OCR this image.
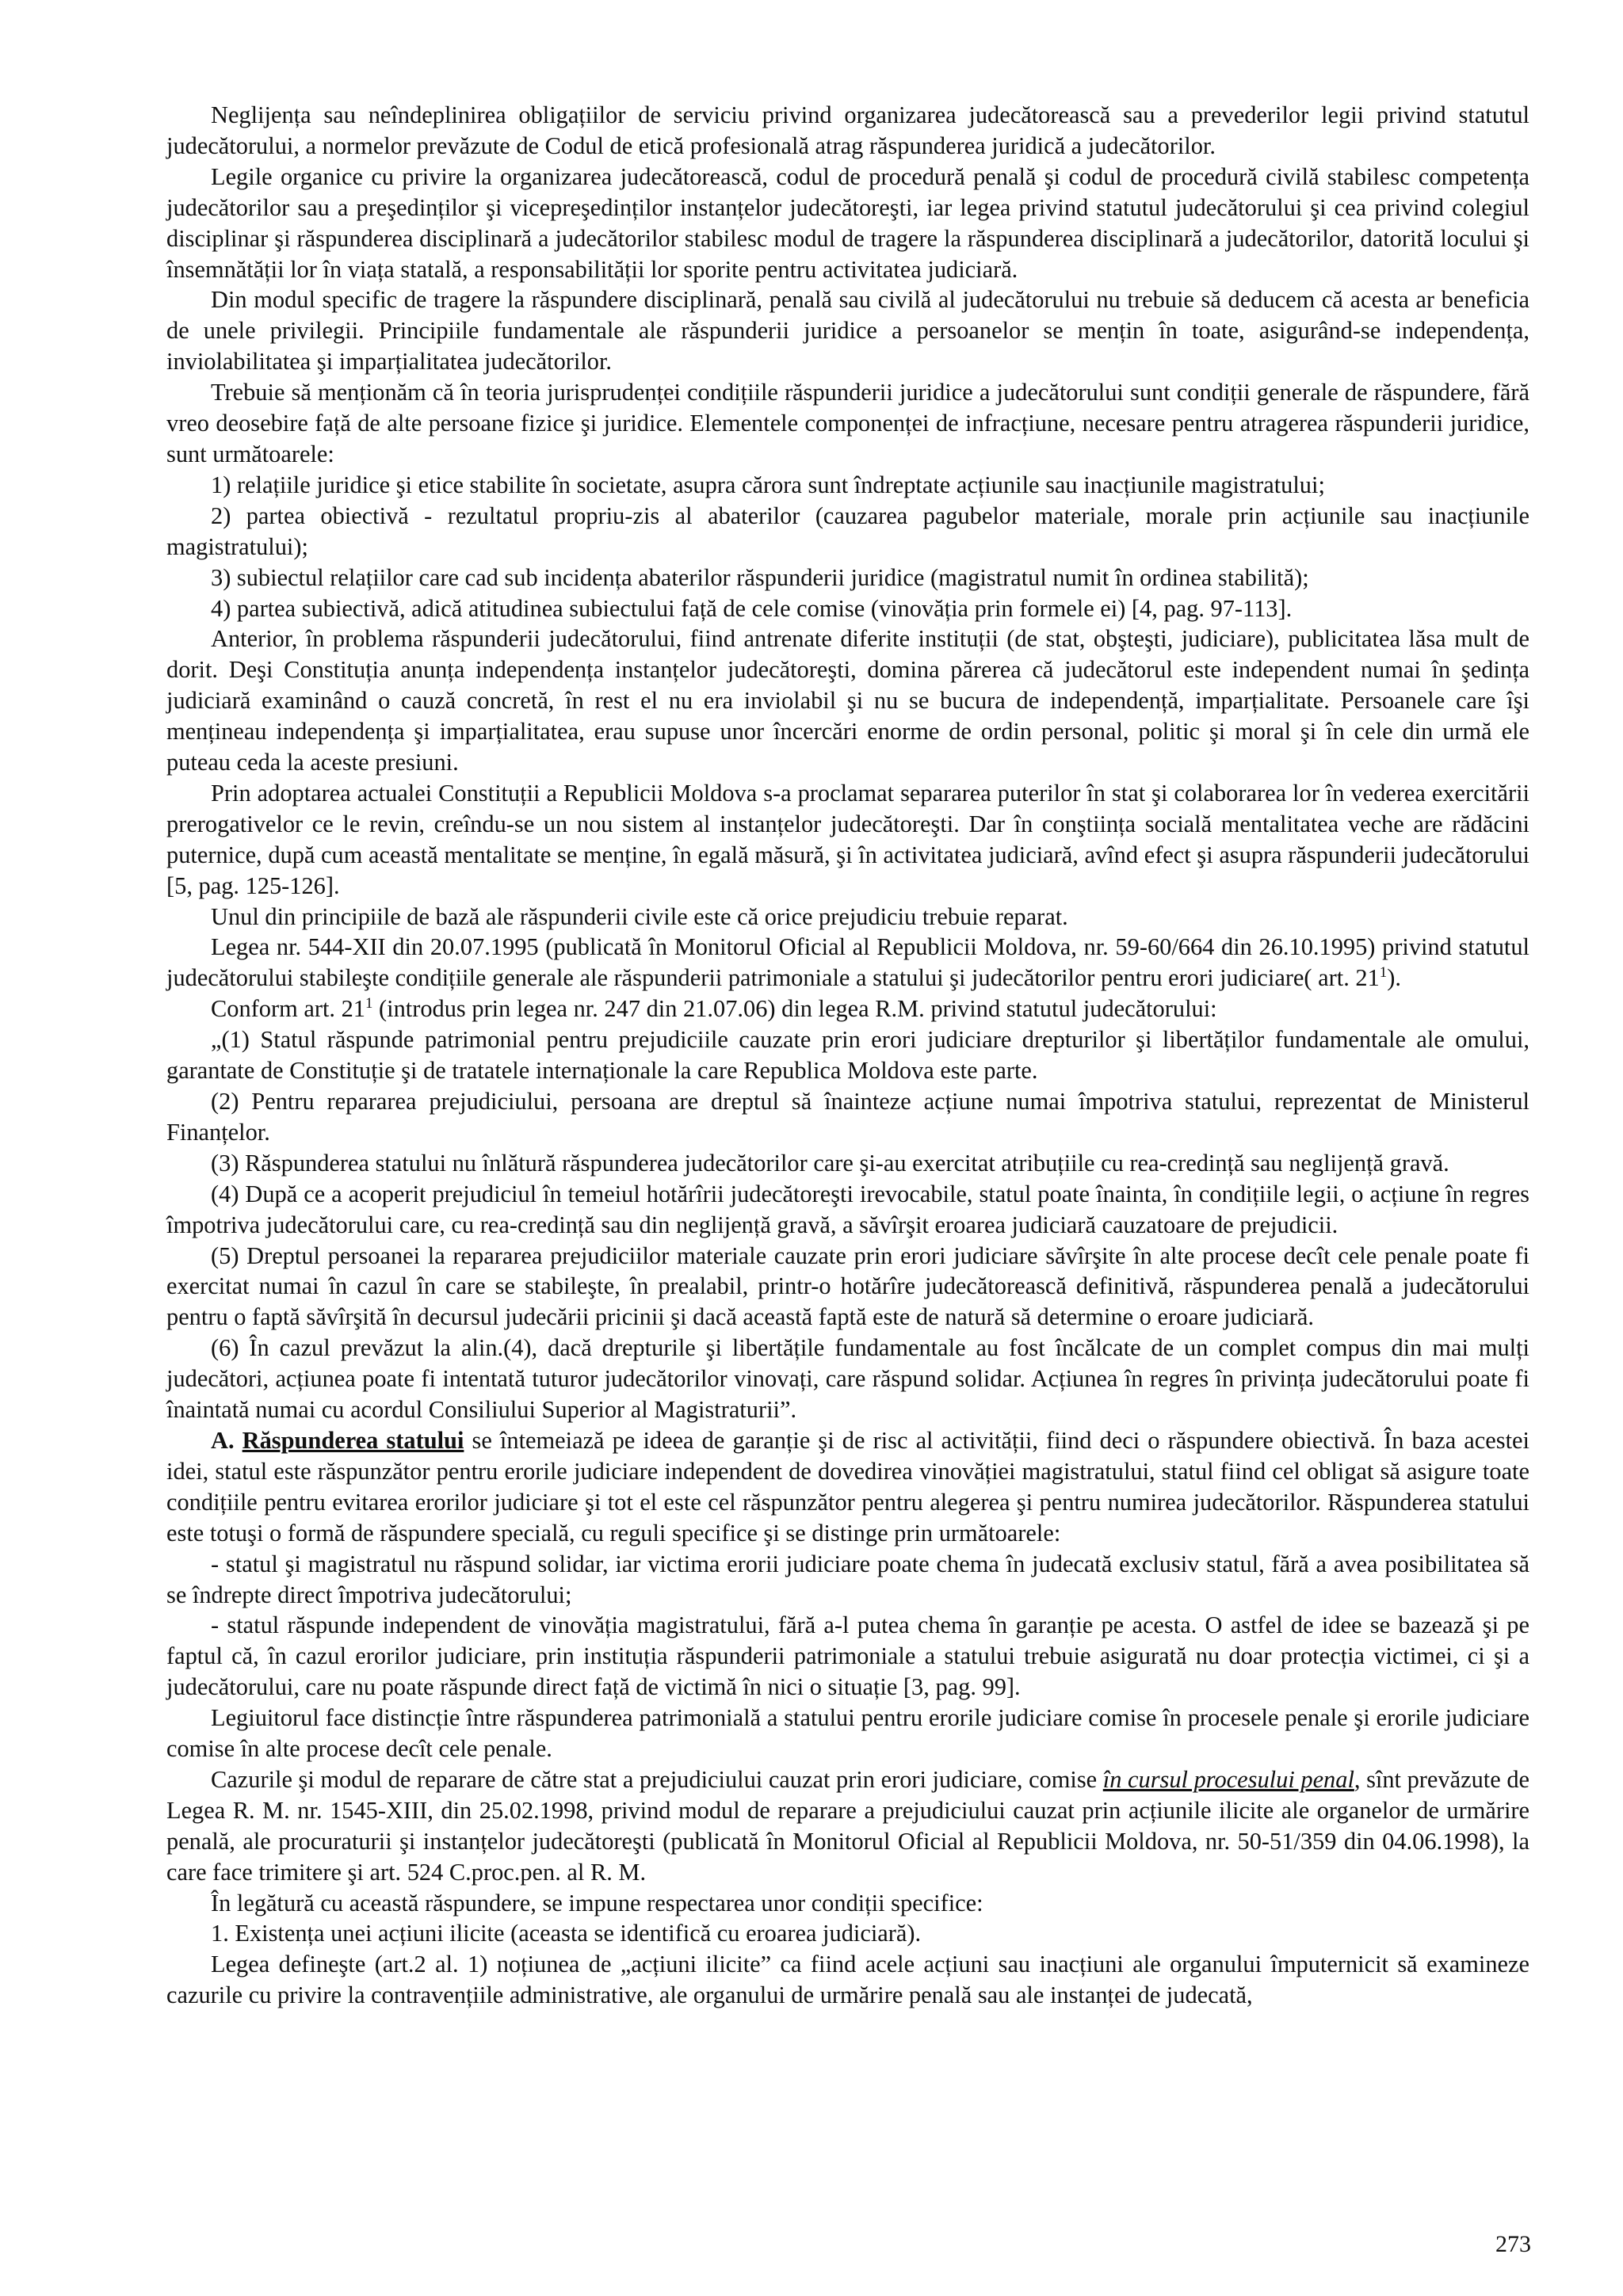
Neglijența sau neîndeplinirea obligațiilor de serviciu privind organizarea judecătorească sau a prevederilor legii privind statutul judecătorului, a normelor prevăzute de Codul de etică profesională atrag răspunderea juridică a judecătorilor.

Legile organice cu privire la organizarea judecătorească, codul de procedură penală şi codul de procedură civilă stabilesc competența judecătorilor sau a preşedinților şi vicepreşedinților instanțelor judecătoreşti, iar legea privind statutul judecătorului şi cea privind colegiul disciplinar şi răspunderea disciplinară a judecătorilor stabilesc modul de tragere la răspunderea disciplinară a judecătorilor, datorită locului şi însemnătății lor în viața statală, a responsabilității lor sporite pentru activitatea judiciară.

Din modul specific de tragere la răspundere disciplinară, penală sau civilă al judecătorului nu trebuie să deducem că acesta ar beneficia de unele privilegii. Principiile fundamentale ale răspunderii juridice a persoanelor se mențin în toate, asigurând-se independența, inviolabilitatea şi imparțialitatea judecătorilor.

Trebuie să menționăm că în teoria jurisprudenței condițiile răspunderii juridice a judecătorului sunt condiții generale de răspundere, fără vreo deosebire față de alte persoane fizice şi juridice. Elementele componenței de infracțiune, necesare pentru atragerea răspunderii juridice, sunt următoarele:

1) relațiile juridice şi etice stabilite în societate, asupra cărora sunt îndreptate acțiunile sau inacțiunile magistratului;

2) partea obiectivă - rezultatul propriu-zis al abaterilor (cauzarea pagubelor materiale, morale prin acțiunile sau inacțiunile magistratului);

3) subiectul relațiilor care cad sub incidența abaterilor răspunderii juridice (magistratul numit în ordinea stabilită);

4) partea subiectivă, adică atitudinea subiectului față de cele comise (vinovăția prin formele ei) [4, pag. 97-113].

Anterior, în problema răspunderii judecătorului, fiind antrenate diferite instituții (de stat, obşteşti, judiciare), publicitatea lăsa mult de dorit. Deşi Constituția anunța independența instanțelor judecătoreşti, domina părerea că judecătorul este independent numai în şedința judiciară examinând o cauză concretă, în rest el nu era inviolabil şi nu se bucura de independență, imparțialitate. Persoanele care îşi mențineau independența şi imparțialitatea, erau supuse unor încercări enorme de ordin personal, politic şi moral şi în cele din urmă ele puteau ceda la aceste presiuni.

Prin adoptarea actualei Constituții a Republicii Moldova s-a proclamat separarea puterilor în stat şi colaborarea lor în vederea exercitării prerogativelor ce le revin, creîndu-se un nou sistem al instanțelor judecătoreşti. Dar în conştiința socială mentalitatea veche are rădăcini puternice, după cum această mentalitate se menține, în egală măsură, şi în activitatea judiciară, avînd efect şi asupra răspunderii judecătorului [5, pag. 125-126].

Unul din principiile de bază ale răspunderii civile este că orice prejudiciu trebuie reparat.

Legea nr. 544-XII din 20.07.1995 (publicată în Monitorul Oficial al Republicii Moldova, nr. 59-60/664 din 26.10.1995) privind statutul judecătorului stabileşte condițiile generale ale răspunderii patrimoniale a statului şi judecătorilor pentru erori judiciare( art. $21^1$).

Conform art. $21^1$ (introdus prin legea nr. 247 din 21.07.06) din legea R.M. privind statutul judecătorului:

„(1) Statul răspunde patrimonial pentru prejudiciile cauzate prin erori judiciare drepturilor şi libertăților fundamentale ale omului, garantate de Constituție şi de tratatele internaționale la care Republica Moldova este parte.

(2) Pentru repararea prejudiciului, persoana are dreptul să înainteze acțiune numai împotriva statului, reprezentat de Ministerul Finanțelor.

(3) Răspunderea statului nu înlătură răspunderea judecătorilor care şi-au exercitat atribuțiile cu rea-credință sau neglijență gravă.

(4) După ce a acoperit prejudiciul în temeiul hotărîrii judecătoreşti irevocabile, statul poate înainta, în condițiile legii, o acțiune în regres împotriva judecătorului care, cu rea-credință sau din neglijență gravă, a săvîrşit eroarea judiciară cauzatoare de prejudicii.

(5) Dreptul persoanei la repararea prejudiciilor materiale cauzate prin erori judiciare săvîrşite în alte procese decît cele penale poate fi exercitat numai în cazul în care se stabileşte, în prealabil, printr-o hotărîre judecătorească definitivă, răspunderea penală a judecătorului pentru o faptă săvîrşită în decursul judecării pricinii şi dacă această faptă este de natură să determine o eroare judiciară.

(6) În cazul prevăzut la alin.(4), dacă drepturile şi libertățile fundamentale au fost încălcate de un complet compus din mai mulți judecători, acțiunea poate fi intentată tuturor judecătorilor vinovați, care răspund solidar. Acțiunea în regres în privința judecătorului poate fi înaintată numai cu acordul Consiliului Superior al Magistraturii”.

A. Răspunderea statului se întemeiază pe ideea de garanție şi de risc al activității, fiind deci o răspundere obiectivă. În baza acestei idei, statul este răspunzător pentru erorile judiciare independent de dovedirea vinovăției magistratului, statul fiind cel obligat să asigure toate condițiile pentru evitarea erorilor judiciare şi tot el este cel răspunzător pentru alegerea şi pentru numirea judecătorilor. Răspunderea statului este totuşi o formă de răspundere specială, cu reguli specifice şi se distinge prin următoarele:

- statul şi magistratul nu răspund solidar, iar victima erorii judiciare poate chema în judecată exclusiv statul, fără a avea posibilitatea să se îndrepte direct împotriva judecătorului;

- statul răspunde independent de vinovăția magistratului, fără a-l putea chema în garanție pe acesta. O astfel de idee se bazează şi pe faptul că, în cazul erorilor judiciare, prin instituția răspunderii patrimoniale a statului trebuie asigurată nu doar protecția victimei, ci şi a judecătorului, care nu poate răspunde direct față de victimă în nici o situație [3, pag. 99].

Legiuitorul face distincție între răspunderea patrimonială a statului pentru erorile judiciare comise în procesele penale şi erorile judiciare comise în alte procese decît cele penale.

Cazurile şi modul de reparare de către stat a prejudiciului cauzat prin erori judiciare, comise în cursul procesului penal, sînt prevăzute de Legea R. M. nr. 1545-XIII, din 25.02.1998, privind modul de reparare a prejudiciului cauzat prin acțiunile ilicite ale organelor de urmărire penală, ale procuraturii şi instanțelor judecătoreşti (publicată în Monitorul Oficial al Republicii Moldova, nr. 50-51/359 din 04.06.1998), la care face trimitere şi art. 524 C.proc.pen. al R. M.

În legătură cu această răspundere, se impune respectarea unor condiții specifice:

1. Existența unei acțiuni ilicite (aceasta se identifică cu eroarea judiciară).

Legea defineşte (art.2 al. 1) noțiunea de „acțiuni ilicite” ca fiind acele acțiuni sau inacțiuni ale organului împuternicit să examineze cazurile cu privire la contravențiile administrative, ale organului de urmărire penală sau ale instanței de judecată,

273
